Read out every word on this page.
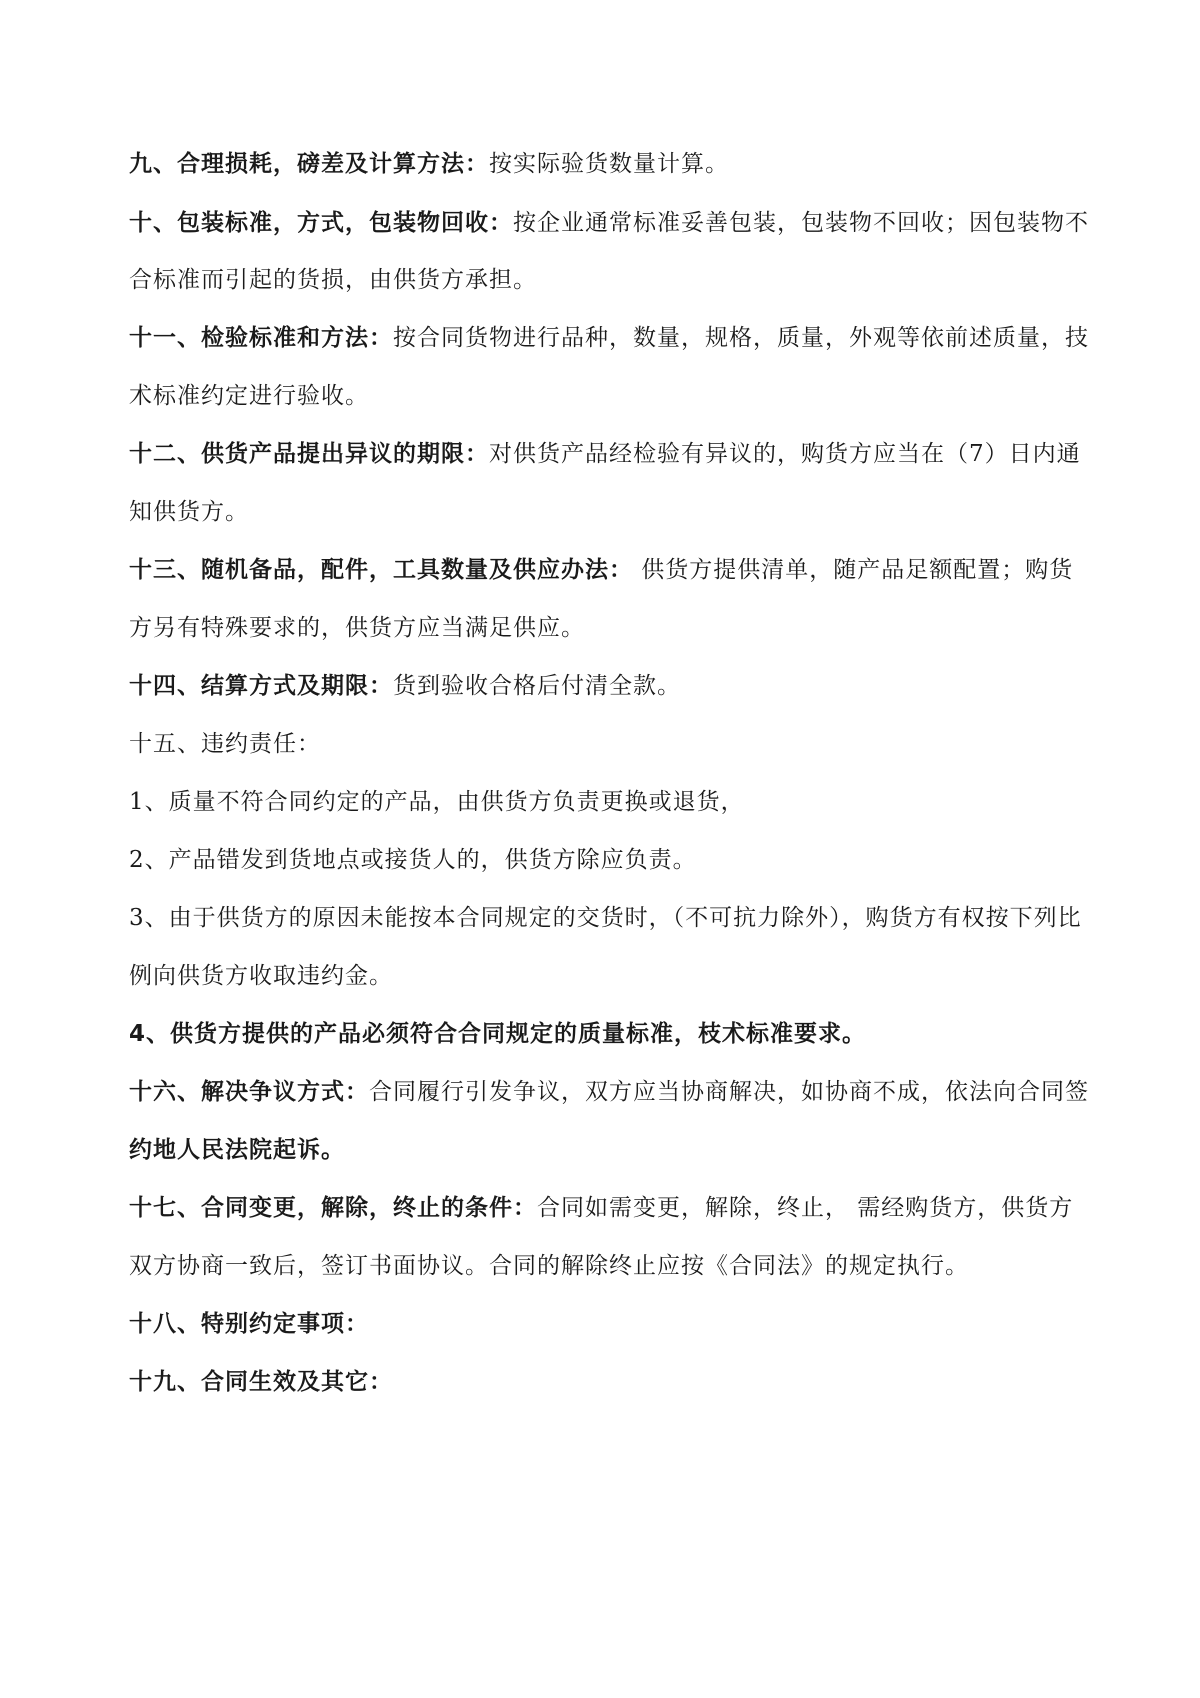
九、合理损耗，磅差及计算方法：按实际验货数量计算。
十、包装标准，方式，包装物回收：按企业通常标准妥善包装，包装物不回收；因包装物不
合标准而引起的货损，由供货方承担。
十一、检验标准和方法：按合同货物进行品种，数量，规格，质量，外观等依前述质量，技
术标准约定进行验收。
十二、供货产品提出异议的期限：对供货产品经检验有异议的，购货方应当在（7）日内通
知供货方。
十三、随机备品，配件，工具数量及供应办法： 供货方提供清单，随产品足额配置；购货
方另有特殊要求的，供货方应当满足供应。
十四、结算方式及期限：货到验收合格后付清全款。
十五、违约责任：
1、质量不符合同约定的产品，由供货方负责更换或退货，
2、产品错发到货地点或接货人的，供货方除应负责。
3、由于供货方的原因未能按本合同规定的交货时，（不可抗力除外），购货方有权按下列比
例向供货方收取违约金。
4、供货方提供的产品必须符合合同规定的质量标准，枝术标准要求。
十六、解决争议方式：合同履行引发争议，双方应当协商解决，如协商不成，依法向合同签
约地人民法院起诉。
十七、合同变更，解除，终止的条件：合同如需变更，解除，终止， 需经购货方，供货方
双方协商一致后，签订书面协议。合同的解除终止应按《合同法》的规定执行。
十八、特别约定事项：
十九、合同生效及其它：
